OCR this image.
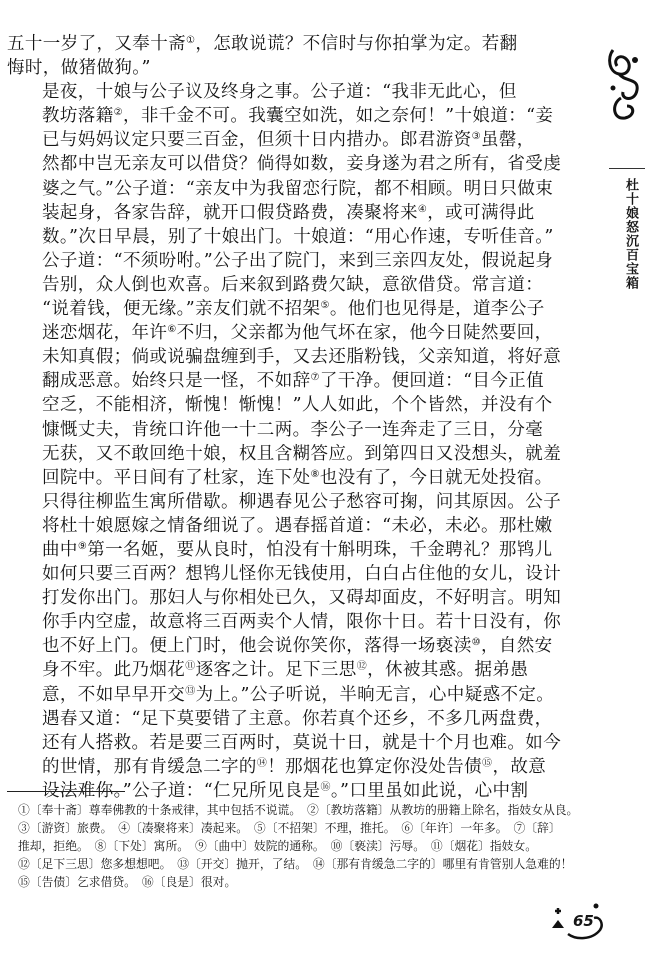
杜十娘怒沉百宝箱

五十一岁了，又奉十斋①，怎敢说谎？不信时与你拍掌为定。若翻
悔时，做猪做狗。”

是夜，十娘与公子议及终身之事。公子道：“我非无此心，但
教坊落籍②，非千金不可。我囊空如洗，如之奈何！”十娘道：“妾
已与妈妈议定只要三百金，但须十日内措办。郎君游资③虽罄，
然都中岂无亲友可以借贷？倘得如数，妾身遂为君之所有，省受虔
婆之气。”公子道：“亲友中为我留恋行院，都不相顾。明日只做束
装起身，各家告辞，就开口假贷路费，凑聚将来④，或可满得此
数。”次日早晨，别了十娘出门。十娘道：“用心作速，专听佳音。”
公子道：“不须吩咐。”公子出了院门，来到三亲四友处，假说起身
告别，众人倒也欢喜。后来叙到路费欠缺，意欲借贷。常言道：
“说着钱，便无缘。”亲友们就不招架⑤。他们也见得是，道李公子
迷恋烟花，年许⑥不归，父亲都为他气坏在家，他今日陡然要回，
未知真假；倘或说骗盘缠到手，又去还脂粉钱，父亲知道，将好意
翻成恶意。始终只是一怪，不如辞⑦了干净。便回道：“目今正值
空乏，不能相济，惭愧！惭愧！”人人如此，个个皆然，并没有个
慷慨丈夫，肯统口许他一十二两。李公子一连奔走了三日，分毫
无获，又不敢回绝十娘，权且含糊答应。到第四日又没想头，就羞
回院中。平日间有了杜家，连下处⑧也没有了，今日就无处投宿。
只得往柳监生寓所借歇。柳遇春见公子愁容可掬，问其原因。公子
将杜十娘愿嫁之情备细说了。遇春摇首道：“未必，未必。那杜嫩
曲中⑨第一名姬，要从良时，怕没有十斛明珠，千金聘礼？那鸨儿
如何只要三百两？想鸨儿怪你无钱使用，白白占住他的女儿，设计
打发你出门。那妇人与你相处已久，又碍却面皮，不好明言。明知
你手内空虚，故意将三百两卖个人情，限你十日。若十日没有，你
也不好上门。便上门时，他会说你笑你，落得一场亵渎⑩，自然安
身不牢。此乃烟花⑪逐客之计。足下三思⑫，休被其惑。据弟愚
意，不如早早开交⑬为上。”公子听说，半晌无言，心中疑惑不定。
遇春又道：“足下莫要错了主意。你若真个还乡，不多几两盘费，
还有人搭救。若是要三百两时，莫说十日，就是十个月也难。如今
的世情，那有肯缓急二字的⑭！那烟花也算定你没处告债⑮，故意
设法难你。”公子道：“仁兄所见良是⑯。”口里虽如此说，心中割

①〔奉十斋〕尊奉佛教的十条戒律，其中包括不说谎。　②〔教坊落籍〕从教坊的册籍上除名，指妓女从良。
③〔游资〕旅费。　④〔凑聚将来〕凑起来。　⑤〔不招架〕不理，推托。　⑥〔年许〕一年多。　⑦〔辞〕
推却，拒绝。　⑧〔下处〕寓所。　⑨〔曲中〕妓院的通称。　⑩〔亵渎〕污辱。　⑪〔烟花〕指妓女。
⑫〔足下三思〕您多想想吧。　⑬〔开交〕抛开，了结。　⑭〔那有肯缓急二字的〕哪里有肯管别人急难的！
⑮〔告债〕乞求借贷。　⑯〔良是〕很对。
65
